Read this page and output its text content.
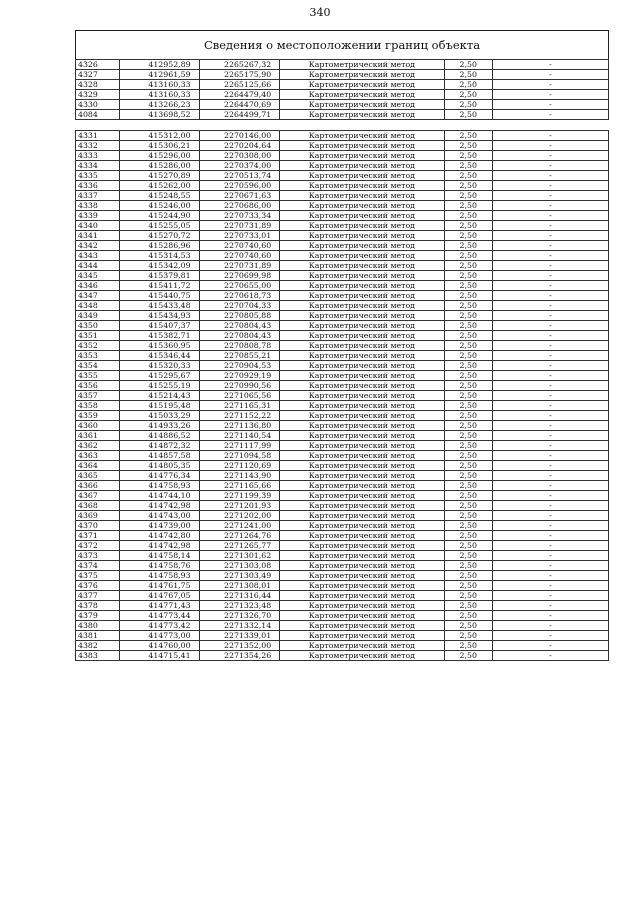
340
Сведения о местоположении границ объекта
4326	412952,89	2265267,32	Картометрический метод	2,50	-
4327	412961,59	2265175,90	Картометрический метод	2,50	-
4328	413160,33	2265125,66	Картометрический метод	2,50	-
4329	413160,33	2264479,40	Картометрический метод	2,50	-
4330	413266,23	2264470,69	Картометрический метод	2,50	-
4084	413698,52	2264499,71	Картометрический метод	2,50	-

4331	415312,00	2270146,00	Картометрический метод	2,50	-
4332	415306,21	2270204,64	Картометрический метод	2,50	-
4333	415296,00	2270308,00	Картометрический метод	2,50	-
4334	415286,00	2270374,00	Картометрический метод	2,50	-
4335	415270,89	2270513,74	Картометрический метод	2,50	-
4336	415262,00	2270596,00	Картометрический метод	2,50	-
4337	415248,55	2270671,63	Картометрический метод	2,50	-
4338	415246,00	2270686,00	Картометрический метод	2,50	-
4339	415244,90	2270733,34	Картометрический метод	2,50	-
4340	415255,05	2270731,89	Картометрический метод	2,50	-
4341	415270,72	2270733,01	Картометрический метод	2,50	-
4342	415286,96	2270740,60	Картометрический метод	2,50	-
4343	415314,53	2270740,60	Картометрический метод	2,50	-
4344	415342,09	2270731,89	Картометрический метод	2,50	-
4345	415379,81	2270699,98	Картометрический метод	2,50	-
4346	415411,72	2270655,00	Картометрический метод	2,50	-
4347	415440,75	2270618,73	Картометрический метод	2,50	-
4348	415433,48	2270704,33	Картометрический метод	2,50	-
4349	415434,93	2270805,88	Картометрический метод	2,50	-
4350	415407,37	2270804,43	Картометрический метод	2,50	-
4351	415382,71	2270804,43	Картометрический метод	2,50	-
4352	415360,95	2270808,78	Картометрический метод	2,50	-
4353	415346,44	2270855,21	Картометрический метод	2,50	-
4354	415320,33	2270904,53	Картометрический метод	2,50	-
4355	415295,67	2270929,19	Картометрический метод	2,50	-
4356	415255,19	2270990,56	Картометрический метод	2,50	-
4357	415214,43	2271065,56	Картометрический метод	2,50	-
4358	415195,48	2271165,31	Картометрический метод	2,50	-
4359	415033,29	2271152,22	Картометрический метод	2,50	-
4360	414933,26	2271136,80	Картометрический метод	2,50	-
4361	414886,52	2271140,54	Картометрический метод	2,50	-
4362	414872,32	2271117,99	Картометрический метод	2,50	-
4363	414857,58	2271094,58	Картометрический метод	2,50	-
4364	414805,35	2271120,69	Картометрический метод	2,50	-
4365	414776,34	2271143,90	Картометрический метод	2,50	-
4366	414758,93	2271165,66	Картометрический метод	2,50	-
4367	414744,10	2271199,39	Картометрический метод	2,50	-
4368	414742,98	2271201,93	Картометрический метод	2,50	-
4369	414743,00	2271202,00	Картометрический метод	2,50	-
4370	414739,00	2271241,00	Картометрический метод	2,50	-
4371	414742,80	2271264,76	Картометрический метод	2,50	-
4372	414742,98	2271265,77	Картометрический метод	2,50	-
4373	414758,14	2271301,62	Картометрический метод	2,50	-
4374	414758,76	2271303,08	Картометрический метод	2,50	-
4375	414758,93	2271303,49	Картометрический метод	2,50	-
4376	414761,75	2271308,01	Картометрический метод	2,50	-
4377	414767,05	2271316,44	Картометрический метод	2,50	-
4378	414771,43	2271323,48	Картометрический метод	2,50	-
4379	414773,44	2271326,70	Картометрический метод	2,50	-
4380	414773,42	2271332,14	Картометрический метод	2,50	-
4381	414773,00	2271339,01	Картометрический метод	2,50	-
4382	414760,00	2271352,00	Картометрический метод	2,50	-
4383	414715,41	2271354,26	Картометрический метод	2,50	-
